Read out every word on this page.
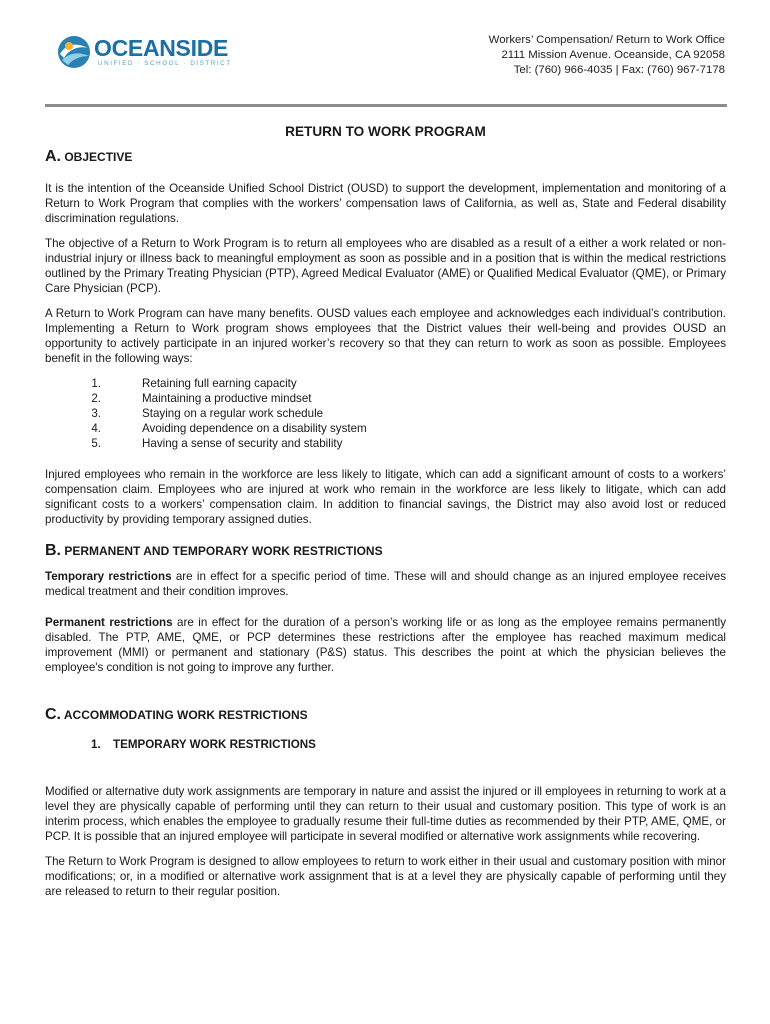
OCEANSIDE
UNIFIED · SCHOOL · DISTRICT
Workers’ Compensation/ Return to Work Office
2111 Mission Avenue. Oceanside, CA 92058
Tel: (760) 966-4035 | Fax: (760) 967-7178
RETURN TO WORK PROGRAM
A. OBJECTIVE

It is the intention of the Oceanside Unified School District (OUSD) to support the development, implementation and monitoring of a Return to Work Program that complies with the workers’ compensation laws of California, as well as, State and Federal disability discrimination regulations.

The objective of a Return to Work Program is to return all employees who are disabled as a result of a either a work related or non-industrial injury or illness back to meaningful employment as soon as possible and in a position that is within the medical restrictions outlined by the Primary Treating Physician (PTP), Agreed Medical Evaluator (AME) or Qualified Medical Evaluator (QME), or Primary Care Physician (PCP).

A Return to Work Program can have many benefits. OUSD values each employee and acknowledges each individual’s contribution. Implementing a Return to Work program shows employees that the District values their well-being and provides OUSD an opportunity to actively participate in an injured worker’s recovery so that they can return to work as soon as possible. Employees benefit in the following ways:

1.	Retaining full earning capacity
2.	Maintaining a productive mindset
3.	Staying on a regular work schedule
4.	Avoiding dependence on a disability system
5.	Having a sense of security and stability

Injured employees who remain in the workforce are less likely to litigate, which can add a significant amount of costs to a workers’ compensation claim. Employees who are injured at work who remain in the workforce are less likely to litigate, which can add significant costs to a workers’ compensation claim. In addition to financial savings, the District may also avoid lost or reduced productivity by providing temporary assigned duties.

B. PERMANENT AND TEMPORARY WORK RESTRICTIONS

Temporary restrictions are in effect for a specific period of time. These will and should change as an injured employee receives medical treatment and their condition improves.

Permanent restrictions are in effect for the duration of a person’s working life or as long as the employee remains permanently disabled. The PTP, AME, QME, or PCP determines these restrictions after the employee has reached maximum medical improvement (MMI) or permanent and stationary (P&S) status. This describes the point at which the physician believes the employee's condition is not going to improve any further.

C. ACCOMMODATING WORK RESTRICTIONS
1. TEMPORARY WORK RESTRICTIONS

Modified or alternative duty work assignments are temporary in nature and assist the injured or ill employees in returning to work at a level they are physically capable of performing until they can return to their usual and customary position. This type of work is an interim process, which enables the employee to gradually resume their full-time duties as recommended by their PTP, AME, QME, or PCP. It is possible that an injured employee will participate in several modified or alternative work assignments while recovering.

The Return to Work Program is designed to allow employees to return to work either in their usual and customary position with minor modifications; or, in a modified or alternative work assignment that is at a level they are physically capable of performing until they are released to return to their regular position.
